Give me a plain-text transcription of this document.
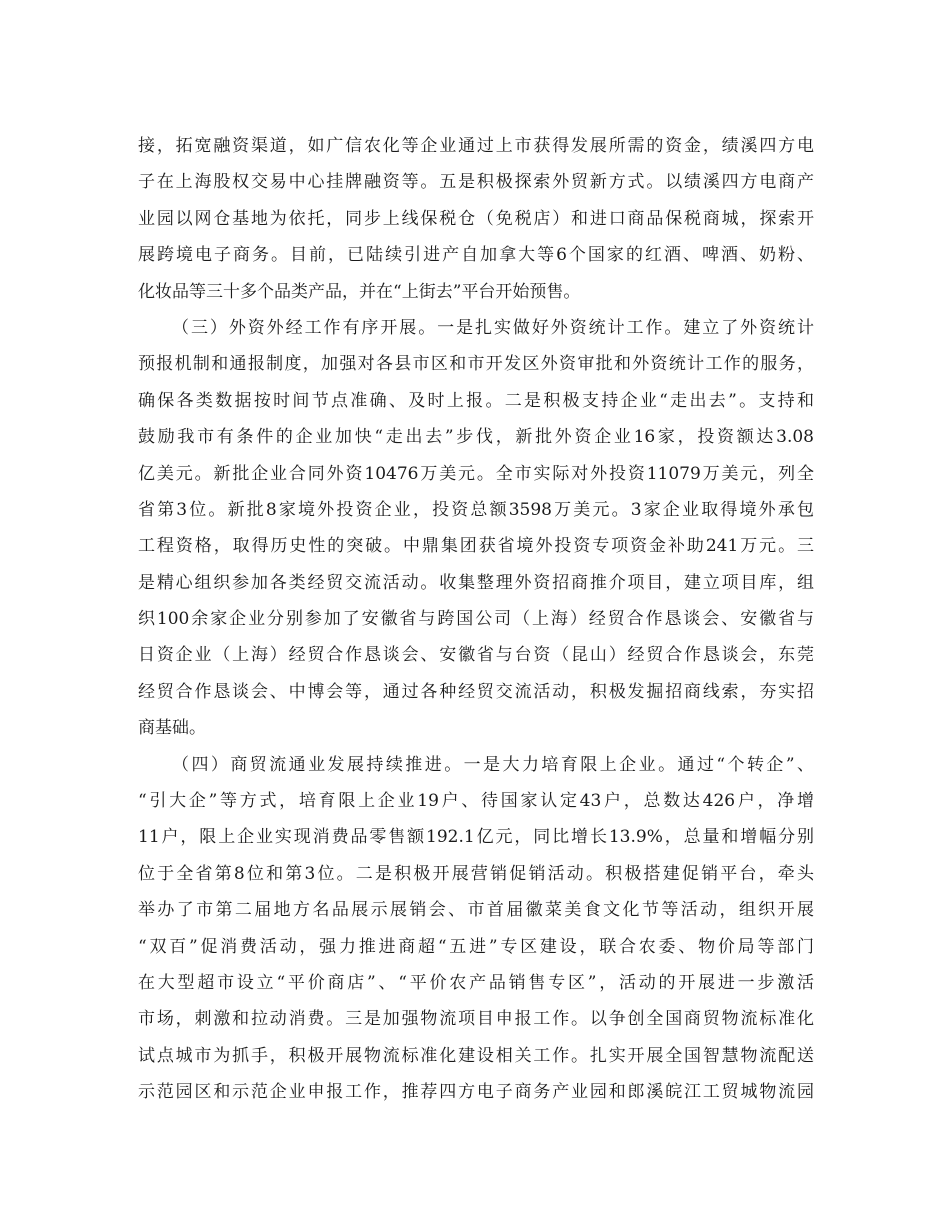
接，拓宽融资渠道，如广信农化等企业通过上市获得发展所需的资金，绩溪四方电
子在上海股权交易中心挂牌融资等。五是积极探索外贸新方式。以绩溪四方电商产
业园以网仓基地为依托，同步上线保税仓（免税店）和进口商品保税商城，探索开
展跨境电子商务。目前，已陆续引进产自加拿大等6个国家的红酒、啤酒、奶粉、
化妆品等三十多个品类产品，并在“上街去”平台开始预售。
（三）外资外经工作有序开展。一是扎实做好外资统计工作。建立了外资统计
预报机制和通报制度，加强对各县市区和市开发区外资审批和外资统计工作的服务，
确保各类数据按时间节点准确、及时上报。二是积极支持企业“走出去”。支持和
鼓励我市有条件的企业加快“走出去”步伐，新批外资企业16家，投资额达3.08
亿美元。新批企业合同外资10476万美元。全市实际对外投资11079万美元，列全
省第3位。新批8家境外投资企业，投资总额3598万美元。3家企业取得境外承包
工程资格，取得历史性的突破。中鼎集团获省境外投资专项资金补助241万元。三
是精心组织参加各类经贸交流活动。收集整理外资招商推介项目，建立项目库，组
织100余家企业分别参加了安徽省与跨国公司（上海）经贸合作恳谈会、安徽省与
日资企业（上海）经贸合作恳谈会、安徽省与台资（昆山）经贸合作恳谈会，东莞
经贸合作恳谈会、中博会等，通过各种经贸交流活动，积极发掘招商线索，夯实招
商基础。
（四）商贸流通业发展持续推进。一是大力培育限上企业。通过“个转企”、
“引大企”等方式，培育限上企业19户、待国家认定43户，总数达426户，净增
11户，限上企业实现消费品零售额192.1亿元，同比增长13.9%，总量和增幅分别
位于全省第8位和第3位。二是积极开展营销促销活动。积极搭建促销平台，牵头
举办了市第二届地方名品展示展销会、市首届徽菜美食文化节等活动，组织开展
“双百”促消费活动，强力推进商超“五进”专区建设，联合农委、物价局等部门
在大型超市设立“平价商店”、“平价农产品销售专区”，活动的开展进一步激活
市场，刺激和拉动消费。三是加强物流项目申报工作。以争创全国商贸物流标准化
试点城市为抓手，积极开展物流标准化建设相关工作。扎实开展全国智慧物流配送
示范园区和示范企业申报工作，推荐四方电子商务产业园和郎溪皖江工贸城物流园
